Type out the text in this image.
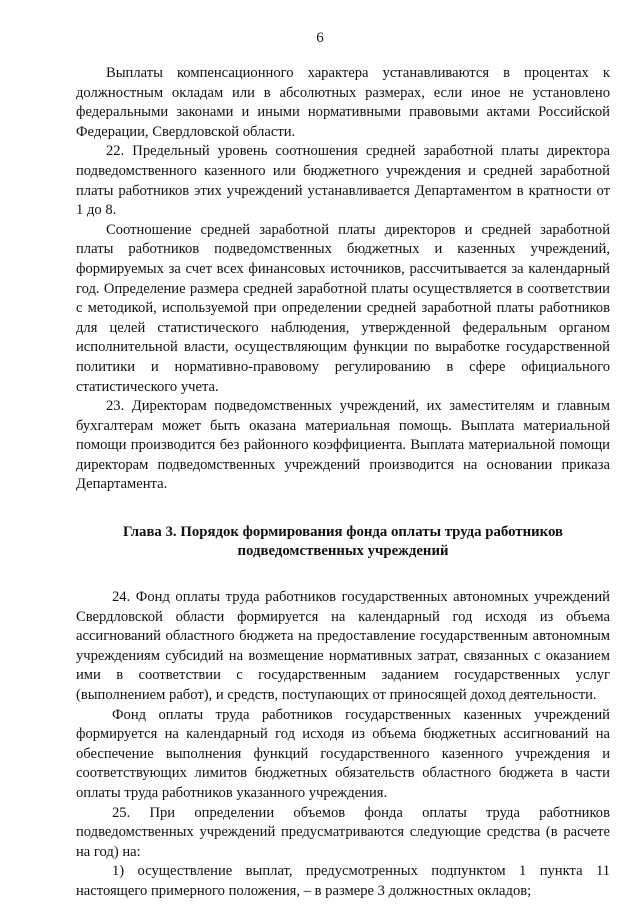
6

Выплаты компенсационного характера устанавливаются в процентах к должностным окладам или в абсолютных размерах, если иное не установлено федеральными законами и иными нормативными правовыми актами Российской Федерации, Свердловской области.

22. Предельный уровень соотношения средней заработной платы директора подведомственного казенного или бюджетного учреждения и средней заработной платы работников этих учреждений устанавливается Департаментом в кратности от 1 до 8.

Соотношение средней заработной платы директоров и средней заработной платы работников подведомственных бюджетных и казенных учреждений, формируемых за счет всех финансовых источников, рассчитывается за календарный год. Определение размера средней заработной платы осуществляется в соответствии с методикой, используемой при определении средней заработной платы работников для целей статистического наблюдения, утвержденной федеральным органом исполнительной власти, осуществляющим функции по выработке государственной политики и нормативно-правовому регулированию в сфере официального статистического учета.

23. Директорам подведомственных учреждений, их заместителям и главным бухгалтерам может быть оказана материальная помощь. Выплата материальной помощи производится без районного коэффициента. Выплата материальной помощи директорам подведомственных учреждений производится на основании приказа Департамента.

Глава 3. Порядок формирования фонда оплаты труда работников
подведомственных учреждений

24. Фонд оплаты труда работников государственных автономных учреждений Свердловской области формируется на календарный год исходя из объема ассигнований областного бюджета на предоставление государственным автономным учреждениям субсидий на возмещение нормативных затрат, связанных с оказанием ими в соответствии с государственным заданием государственных услуг (выполнением работ), и средств, поступающих от приносящей доход деятельности.

Фонд оплаты труда работников государственных казенных учреждений формируется на календарный год исходя из объема бюджетных ассигнований на обеспечение выполнения функций государственного казенного учреждения и соответствующих лимитов бюджетных обязательств областного бюджета в части оплаты труда работников указанного учреждения.

25. При определении объемов фонда оплаты труда работников подведомственных учреждений предусматриваются следующие средства (в расчете на год) на:

1) осуществление выплат, предусмотренных подпунктом 1 пункта 11 настоящего примерного положения, – в размере 3 должностных окладов;
